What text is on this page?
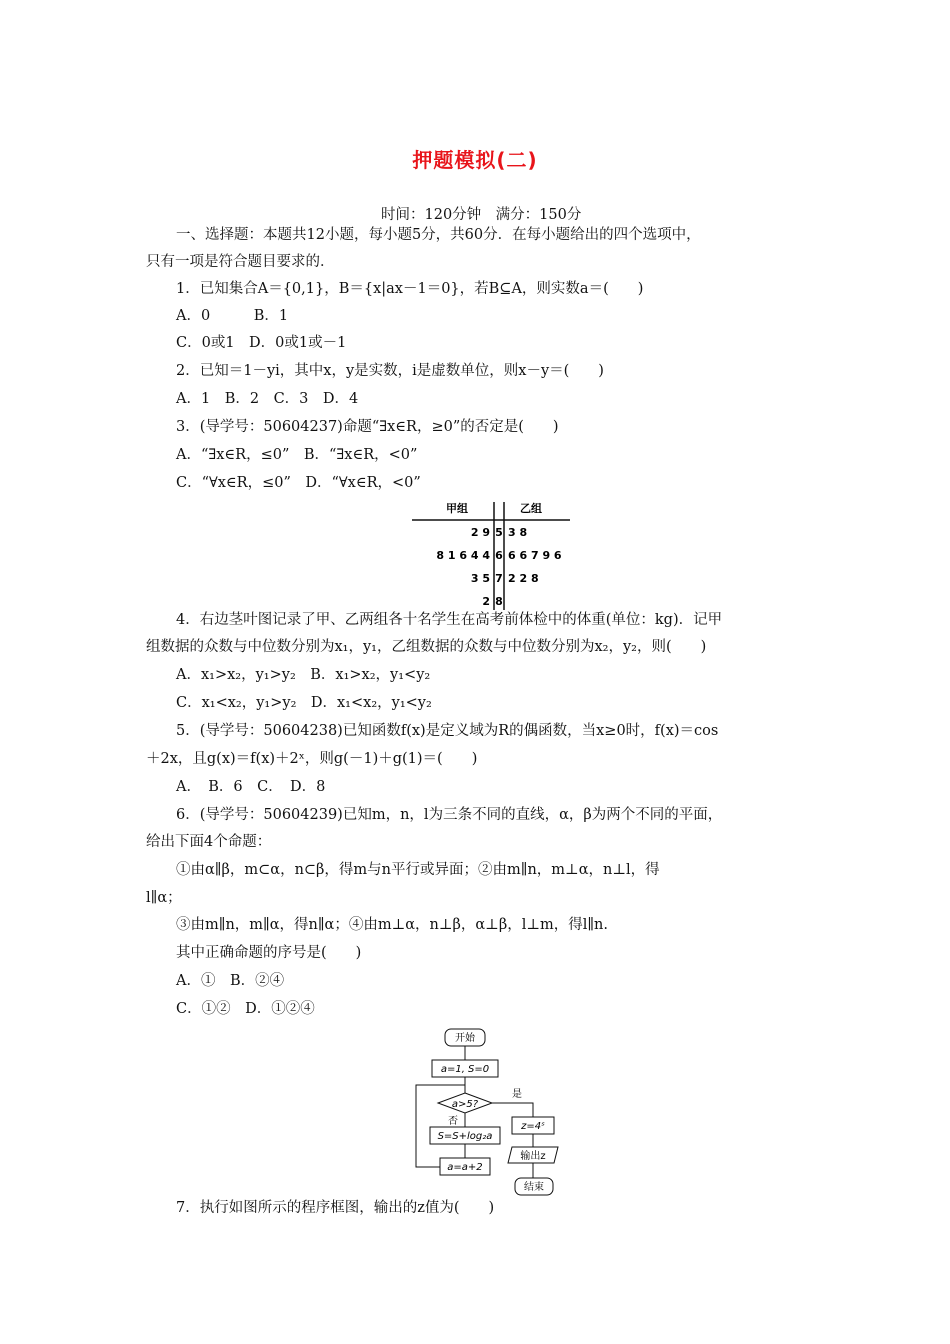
押题模拟(二)
时间：120分钟　满分：150分
一、选择题：本题共12小题，每小题5分，共60分．在每小题给出的四个选项中，
只有一项是符合题目要求的．
1．已知集合A＝{0,1}，B＝{x|ax－1＝0}，若B⊆A，则实数a＝(　　)
A．0　　　B．1
C．0或1　D．0或1或－1
2．已知＝1－yi，其中x，y是实数，i是虚数单位，则x－y＝(　　)
A．1　B．2　C．3　D．4
3．(导学号：50604237)命题“∃x∈R，≥0”的否定是(　　)
A．“∃x∈R，≤0”　B．“∃x∈R，<0”
C．“∀x∈R，≤0”　D．“∀x∈R，<0”
甲组	乙组
2 9 5 3 8
8 1 6 4 4 6 6 6 7 9 6
3 5 7 2 2 8
2 8
4．右边茎叶图记录了甲、乙两组各十名学生在高考前体检中的体重(单位：kg)．记甲
组数据的众数与中位数分别为x₁，y₁，乙组数据的众数与中位数分别为x₂，y₂，则(　　)
A．x₁>x₂，y₁>y₂　B．x₁>x₂，y₁<y₂
C．x₁<x₂，y₁>y₂　D．x₁<x₂，y₁<y₂
5．(导学号：50604238)已知函数f(x)是定义域为R的偶函数，当x≥0时，f(x)＝cos
＋2x，且g(x)＝f(x)＋2ˣ，则g(－1)＋g(1)＝(　　)
A．　B．6　C．　D．8
6．(导学号：50604239)已知m，n，l为三条不同的直线，α，β为两个不同的平面，
给出下面4个命题：
①由α∥β，m⊂α，n⊂β，得m与n平行或异面；②由m∥n，m⊥α，n⊥l，得
l∥α；
③由m∥n，m∥α，得n∥α；④由m⊥α，n⊥β，α⊥β，l⊥m，得l∥n.
其中正确命题的序号是(　　)
A．①　B．②④
C．①②　D．①②④
开始
a=1, S=0
a>5?
是
否
S=S+log₂a
a=a+2
z=4ˢ
输出z
结束
7．执行如图所示的程序框图，输出的z值为(　　)
